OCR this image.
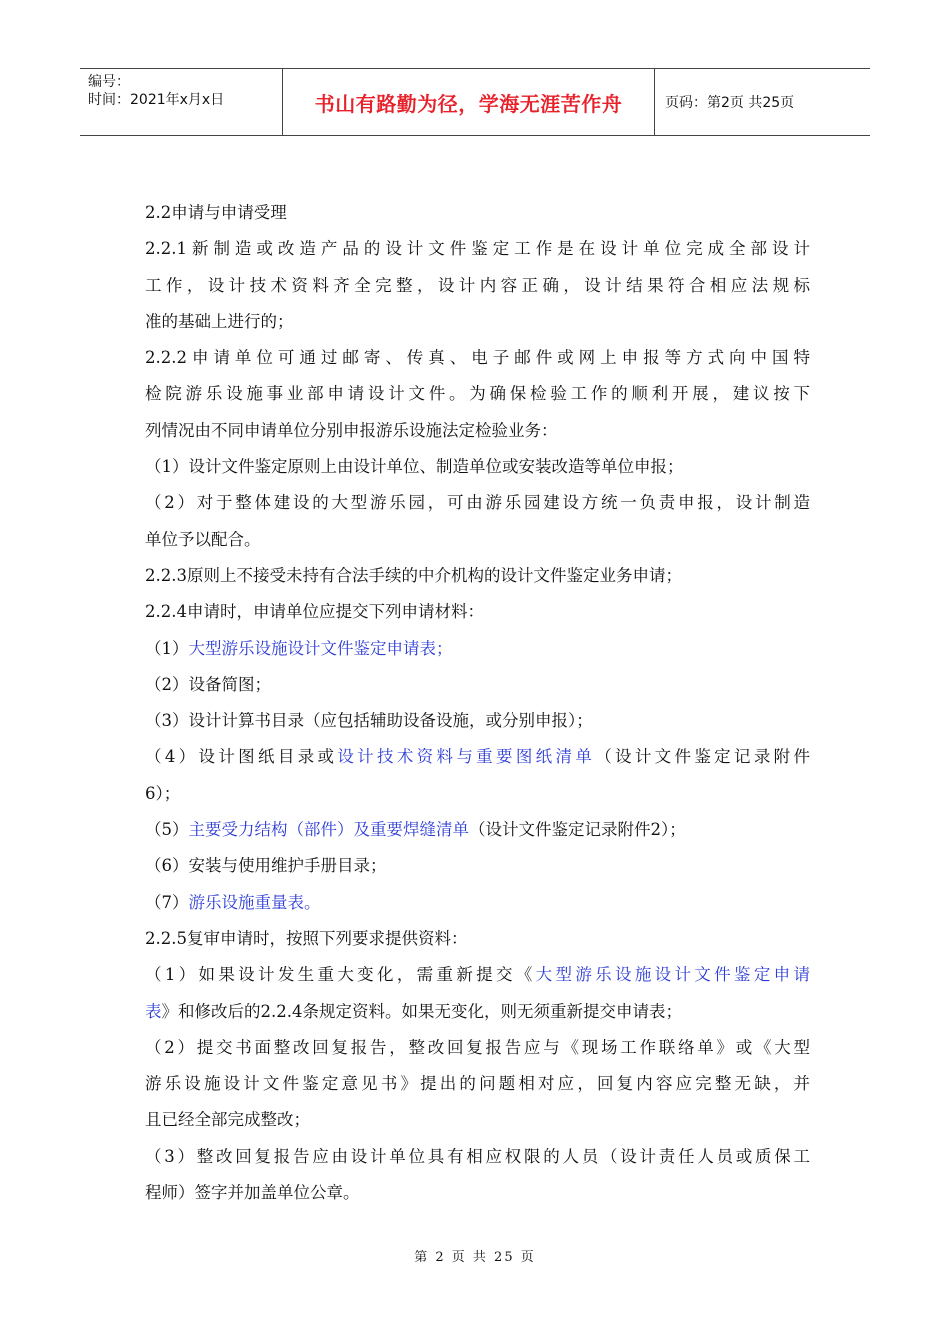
编号：
时间：2021年x月x日	书山有路勤为径，学海无涯苦作舟	页码：第2页 共25页
2.2申请与申请受理
2.2.1新制造或改造产品的设计文件鉴定工作是在设计单位完成全部设计
工作，设计技术资料齐全完整，设计内容正确，设计结果符合相应法规标
准的基础上进行的；
2.2.2申请单位可通过邮寄、传真、电子邮件或网上申报等方式向中国特
检院游乐设施事业部申请设计文件。为确保检验工作的顺利开展，建议按下
列情况由不同申请单位分别申报游乐设施法定检验业务：
（1）设计文件鉴定原则上由设计单位、制造单位或安装改造等单位申报；
（2）对于整体建设的大型游乐园，可由游乐园建设方统一负责申报，设计制造
单位予以配合。
2.2.3原则上不接受未持有合法手续的中介机构的设计文件鉴定业务申请；
2.2.4申请时，申请单位应提交下列申请材料：
（1）大型游乐设施设计文件鉴定申请表；
（2）设备简图；
（3）设计计算书目录（应包括辅助设备设施，或分别申报）；
（4）设计图纸目录或设计技术资料与重要图纸清单（设计文件鉴定记录附件
6）；
（5）主要受力结构（部件）及重要焊缝清单（设计文件鉴定记录附件2）；
（6）安装与使用维护手册目录；
（7）游乐设施重量表。
2.2.5复审申请时，按照下列要求提供资料：
（1）如果设计发生重大变化，需重新提交《大型游乐设施设计文件鉴定申请
表》和修改后的2.2.4条规定资料。如果无变化，则无须重新提交申请表；
（2）提交书面整改回复报告，整改回复报告应与《现场工作联络单》或《大型
游乐设施设计文件鉴定意见书》提出的问题相对应，回复内容应完整无缺，并
且已经全部完成整改；
（3）整改回复报告应由设计单位具有相应权限的人员（设计责任人员或质保工
程师）签字并加盖单位公章。
第 2 页 共 25 页
